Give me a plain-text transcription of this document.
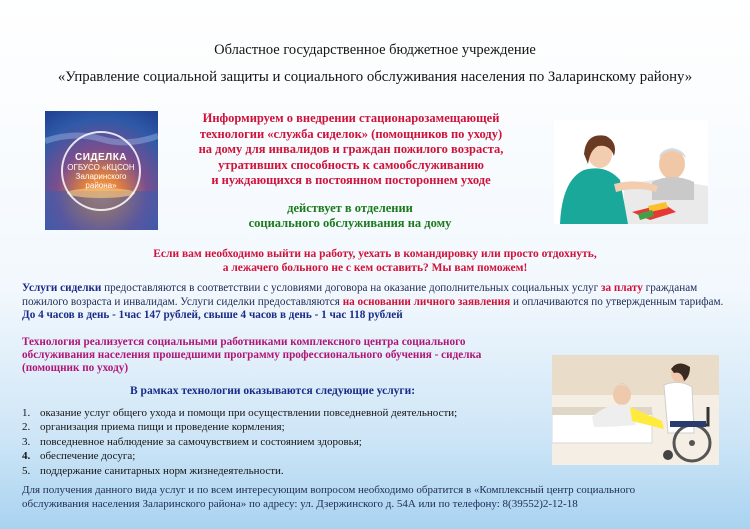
Областное государственное бюджетное учреждение
«Управление социальной защиты и социального обслуживания населения по Заларинскому району»
СИДЕЛКА
ОГБУСО «КЦСОН
Заларинского
района»
Информируем о внедрении стационарозамещающей
технологии «служба сиделок» (помощников по уходу)
на дому для инвалидов и граждан пожилого возраста,
утративших способность к самообслуживанию
и нуждающихся в постоянном постороннем уходе
действует в отделении
социального обслуживания на дому
Если вам необходимо выйти на работу, уехать в командировку или просто отдохнуть,
а лежачего больного не с кем оставить? Мы вам поможем!
Услуги сиделки предоставляются в соответствии с условиями договора на оказание дополнительных социальных услуг за плату гражданам пожилого возраста и инвалидам. Услуги сиделки предоставляются на основании личного заявления и оплачиваются по утвержденным тарифам. До 4 часов в день - 1час 147 рублей, свыше 4 часов в день - 1 час 118 рублей
Технология реализуется социальными работниками комплексного центра социального
обслуживания населения прошедшими программу профессионального обучения - сиделка
(помощник по уходу)
В рамках технологии оказываются следующие услуги:
1. оказание услуг общего ухода и помощи при осуществлении повседневной деятельности;
2. организация приема пищи и проведение кормления;
3. повседневное наблюдение за самочувствием и состоянием здоровья;
4. обеспечение досуга;
5. поддержание санитарных норм жизнедеятельности.
Для получения данного вида услуг и по всем интересующим вопросом необходимо обратится в «Комплексный центр социального
обслуживания населения Заларинского района» по адресу: ул. Дзержинского д. 54А или по телефону: 8(39552)2-12-18
